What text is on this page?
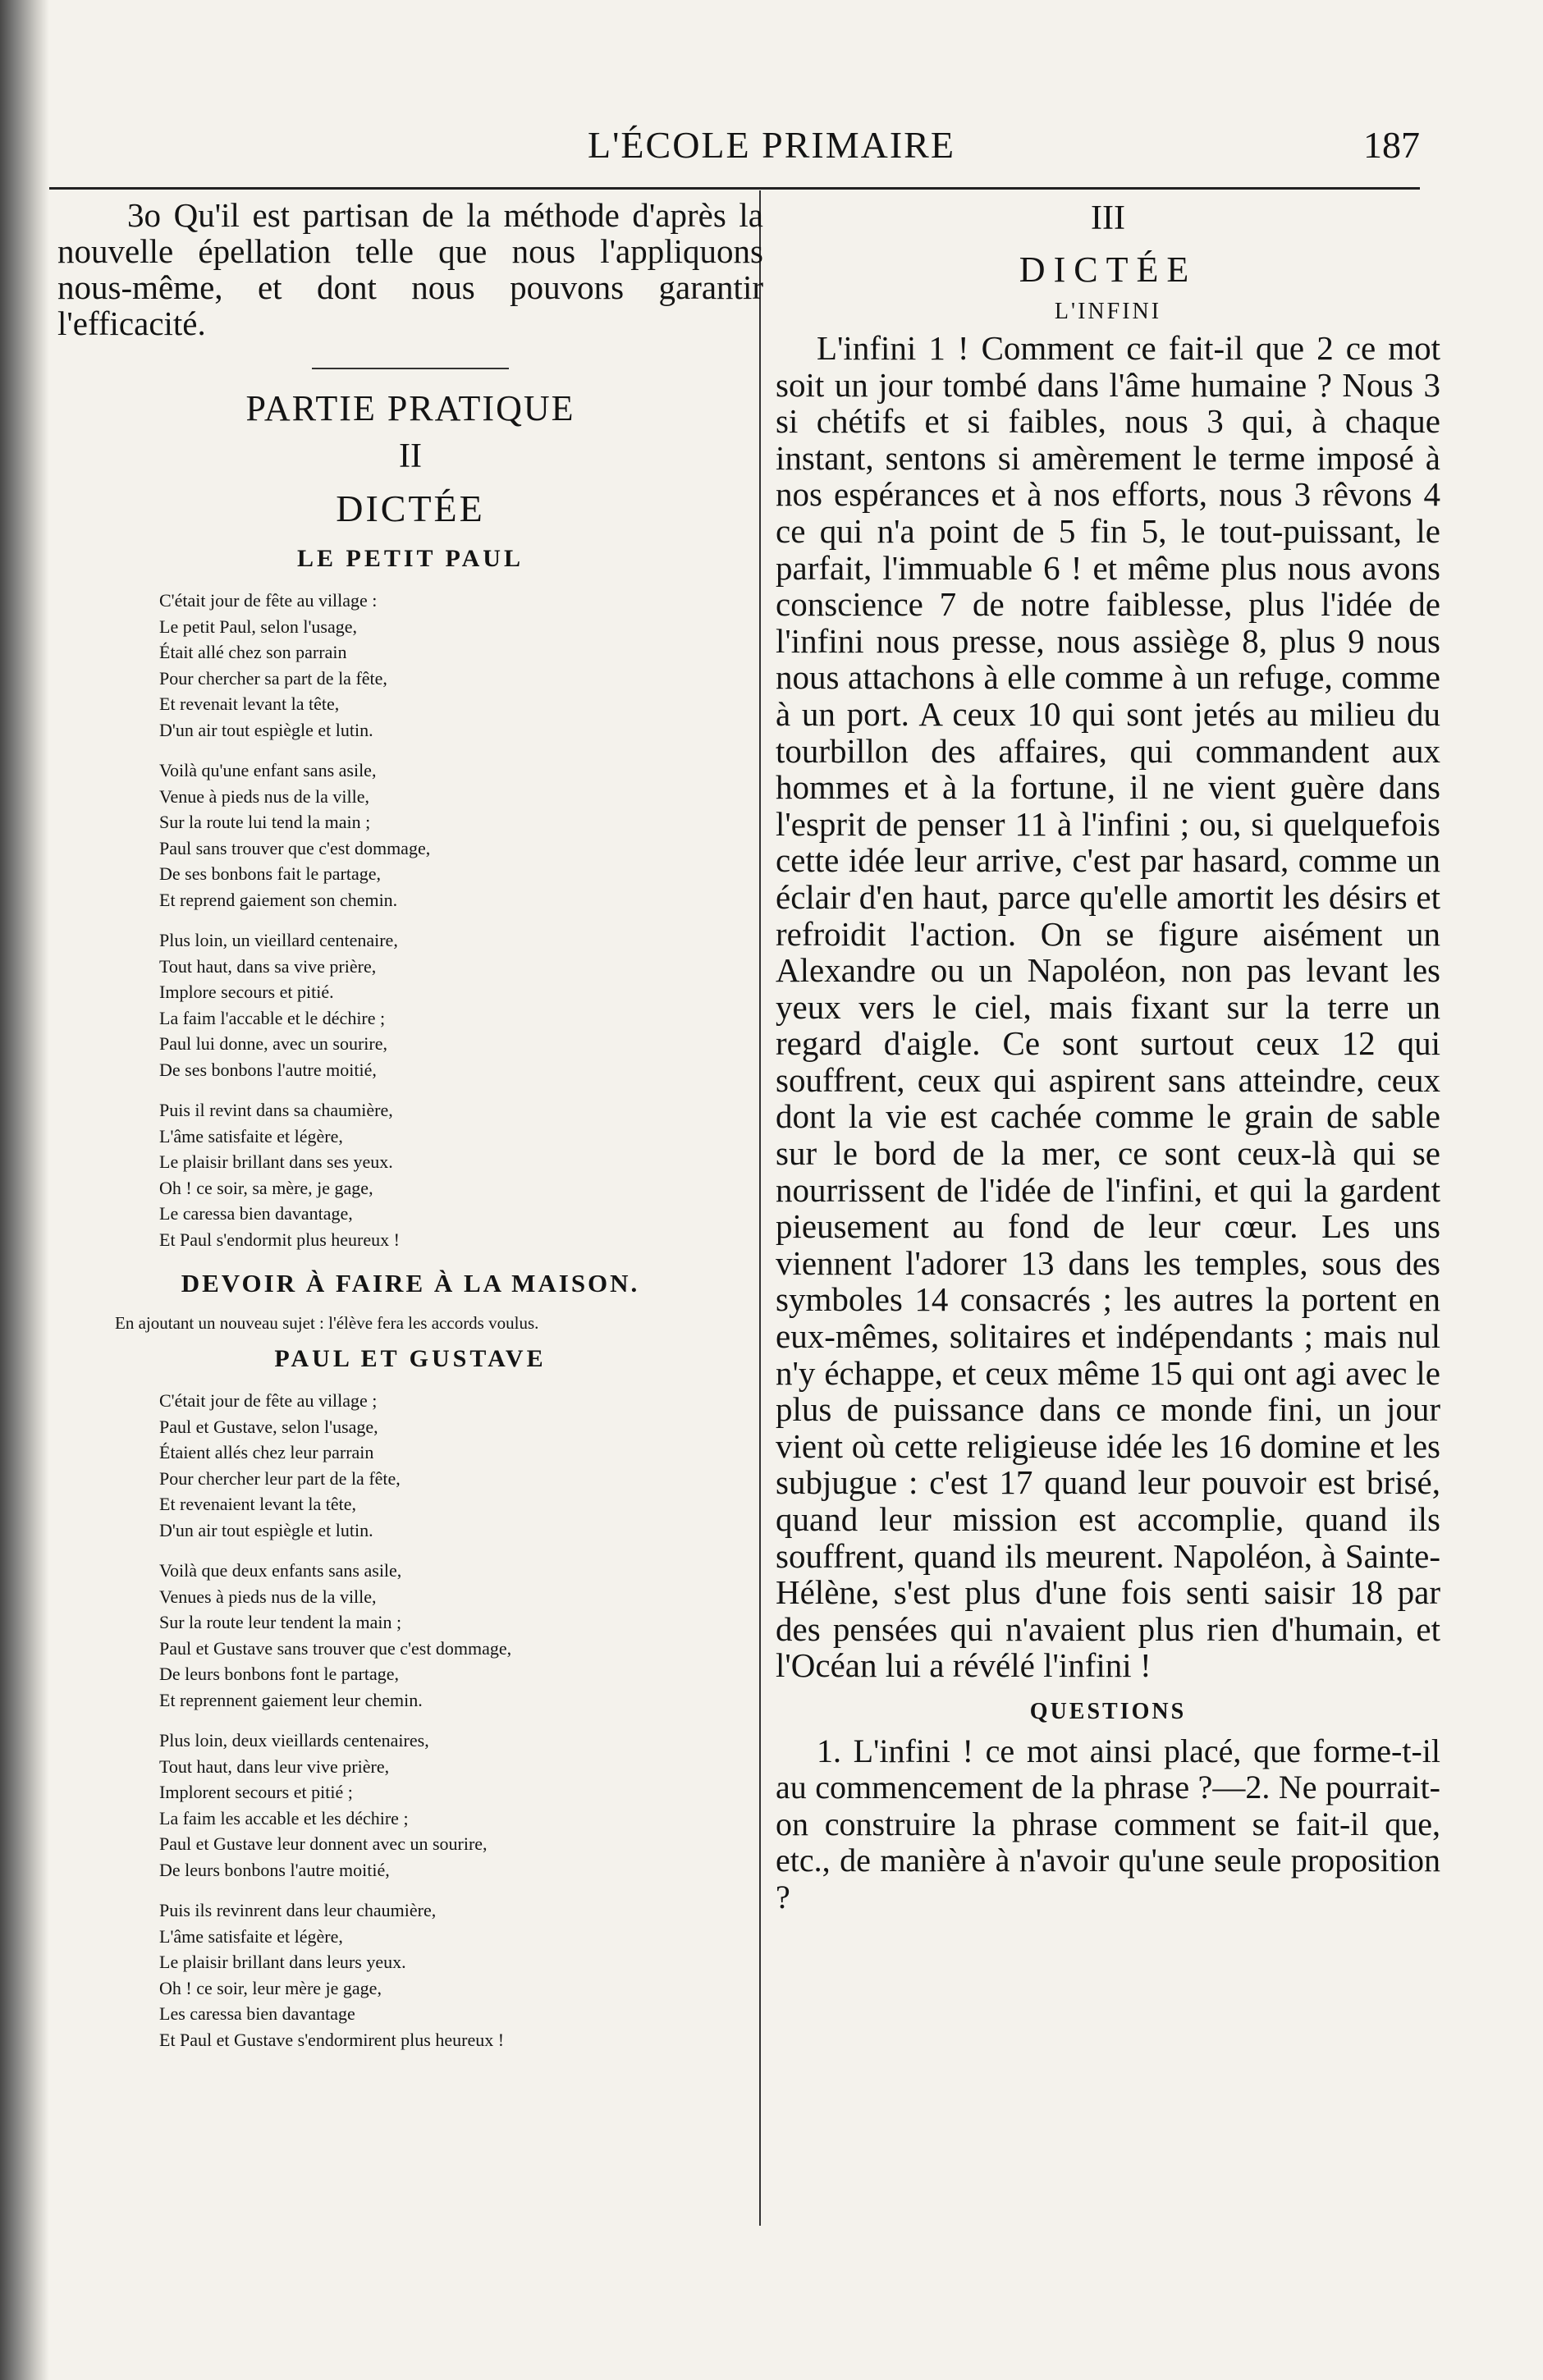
L'ÉCOLE PRIMAIRE	187

3o Qu'il est partisan de la méthode d'après la nouvelle épellation telle que nous l'appliquons nous-même, et dont nous pouvons garantir l'efficacité.

PARTIE PRATIQUE

II

DICTÉE

LE PETIT PAUL

C'était jour de fête au village :
Le petit Paul, selon l'usage,
Était allé chez son parrain
Pour chercher sa part de la fête,
Et revenait levant la tête,
D'un air tout espiègle et lutin.
Voilà qu'une enfant sans asile,
Venue à pieds nus de la ville,
Sur la route lui tend la main ;
Paul sans trouver que c'est dommage,
De ses bonbons fait le partage,
Et reprend gaiement son chemin.
Plus loin, un vieillard centenaire,
Tout haut, dans sa vive prière,
Implore secours et pitié.
La faim l'accable et le déchire ;
Paul lui donne, avec un sourire,
De ses bonbons l'autre moitié,
Puis il revint dans sa chaumière,
L'âme satisfaite et légère,
Le plaisir brillant dans ses yeux.
Oh ! ce soir, sa mère, je gage,
Le caressa bien davantage,
Et Paul s'endormit plus heureux !

DEVOIR À FAIRE À LA MAISON.

En ajoutant un nouveau sujet : l'élève fera les accords voulus.

PAUL ET GUSTAVE

C'était jour de fête au village ;
Paul et Gustave, selon l'usage,
Étaient allés chez leur parrain
Pour chercher leur part de la fête,
Et revenaient levant la tête,
D'un air tout espiègle et lutin.
Voilà que deux enfants sans asile,
Venues à pieds nus de la ville,
Sur la route leur tendent la main ;
Paul et Gustave sans trouver que c'est dommage,
De leurs bonbons font le partage,
Et reprennent gaiement leur chemin.
Plus loin, deux vieillards centenaires,
Tout haut, dans leur vive prière,
Implorent secours et pitié ;
La faim les accable et les déchire ;
Paul et Gustave leur donnent avec un sourire,
De leurs bonbons l'autre moitié,
Puis ils revinrent dans leur chaumière,
L'âme satisfaite et légère,
Le plaisir brillant dans leurs yeux.
Oh ! ce soir, leur mère je gage,
Les caressa bien davantage
Et Paul et Gustave s'endormirent plus heureux !

III

DICTÉE

L'INFINI

L'infini 1 ! Comment ce fait-il que 2 ce mot soit un jour tombé dans l'âme humaine ? Nous 3 si chétifs et si faibles, nous 3 qui, à chaque instant, sentons si amèrement le terme imposé à nos espérances et à nos efforts, nous 3 rêvons 4 ce qui n'a point de 5 fin 5, le tout-puissant, le parfait, l'immuable 6 ! et même plus nous avons conscience 7 de notre faiblesse, plus l'idée de l'infini nous presse, nous assiège 8, plus 9 nous nous attachons à elle comme à un refuge, comme à un port. A ceux 10 qui sont jetés au milieu du tourbillon des affaires, qui commandent aux hommes et à la fortune, il ne vient guère dans l'esprit de penser 11 à l'infini ; ou, si quelquefois cette idée leur arrive, c'est par hasard, comme un éclair d'en haut, parce qu'elle amortit les désirs et refroidit l'action. On se figure aisément un Alexandre ou un Napoléon, non pas levant les yeux vers le ciel, mais fixant sur la terre un regard d'aigle. Ce sont surtout ceux 12 qui souffrent, ceux qui aspirent sans atteindre, ceux dont la vie est cachée comme le grain de sable sur le bord de la mer, ce sont ceux-là qui se nourrissent de l'idée de l'infini, et qui la gardent pieusement au fond de leur cœur. Les uns viennent l'adorer 13 dans les temples, sous des symboles 14 consacrés ; les autres la portent en eux-mêmes, solitaires et indépendants ; mais nul n'y échappe, et ceux même 15 qui ont agi avec le plus de puissance dans ce monde fini, un jour vient où cette religieuse idée les 16 domine et les subjugue : c'est 17 quand leur pouvoir est brisé, quand leur mission est accomplie, quand ils souffrent, quand ils meurent. Napoléon, à Sainte-Hélène, s'est plus d'une fois senti saisir 18 par des pensées qui n'avaient plus rien d'humain, et l'Océan lui a révélé l'infini !

QUESTIONS

1. L'infini ! ce mot ainsi placé, que forme-t-il au commencement de la phrase ?—2. Ne pourrait-on construire la phrase comment se fait-il que, etc., de manière à n'avoir qu'une seule proposition ?
